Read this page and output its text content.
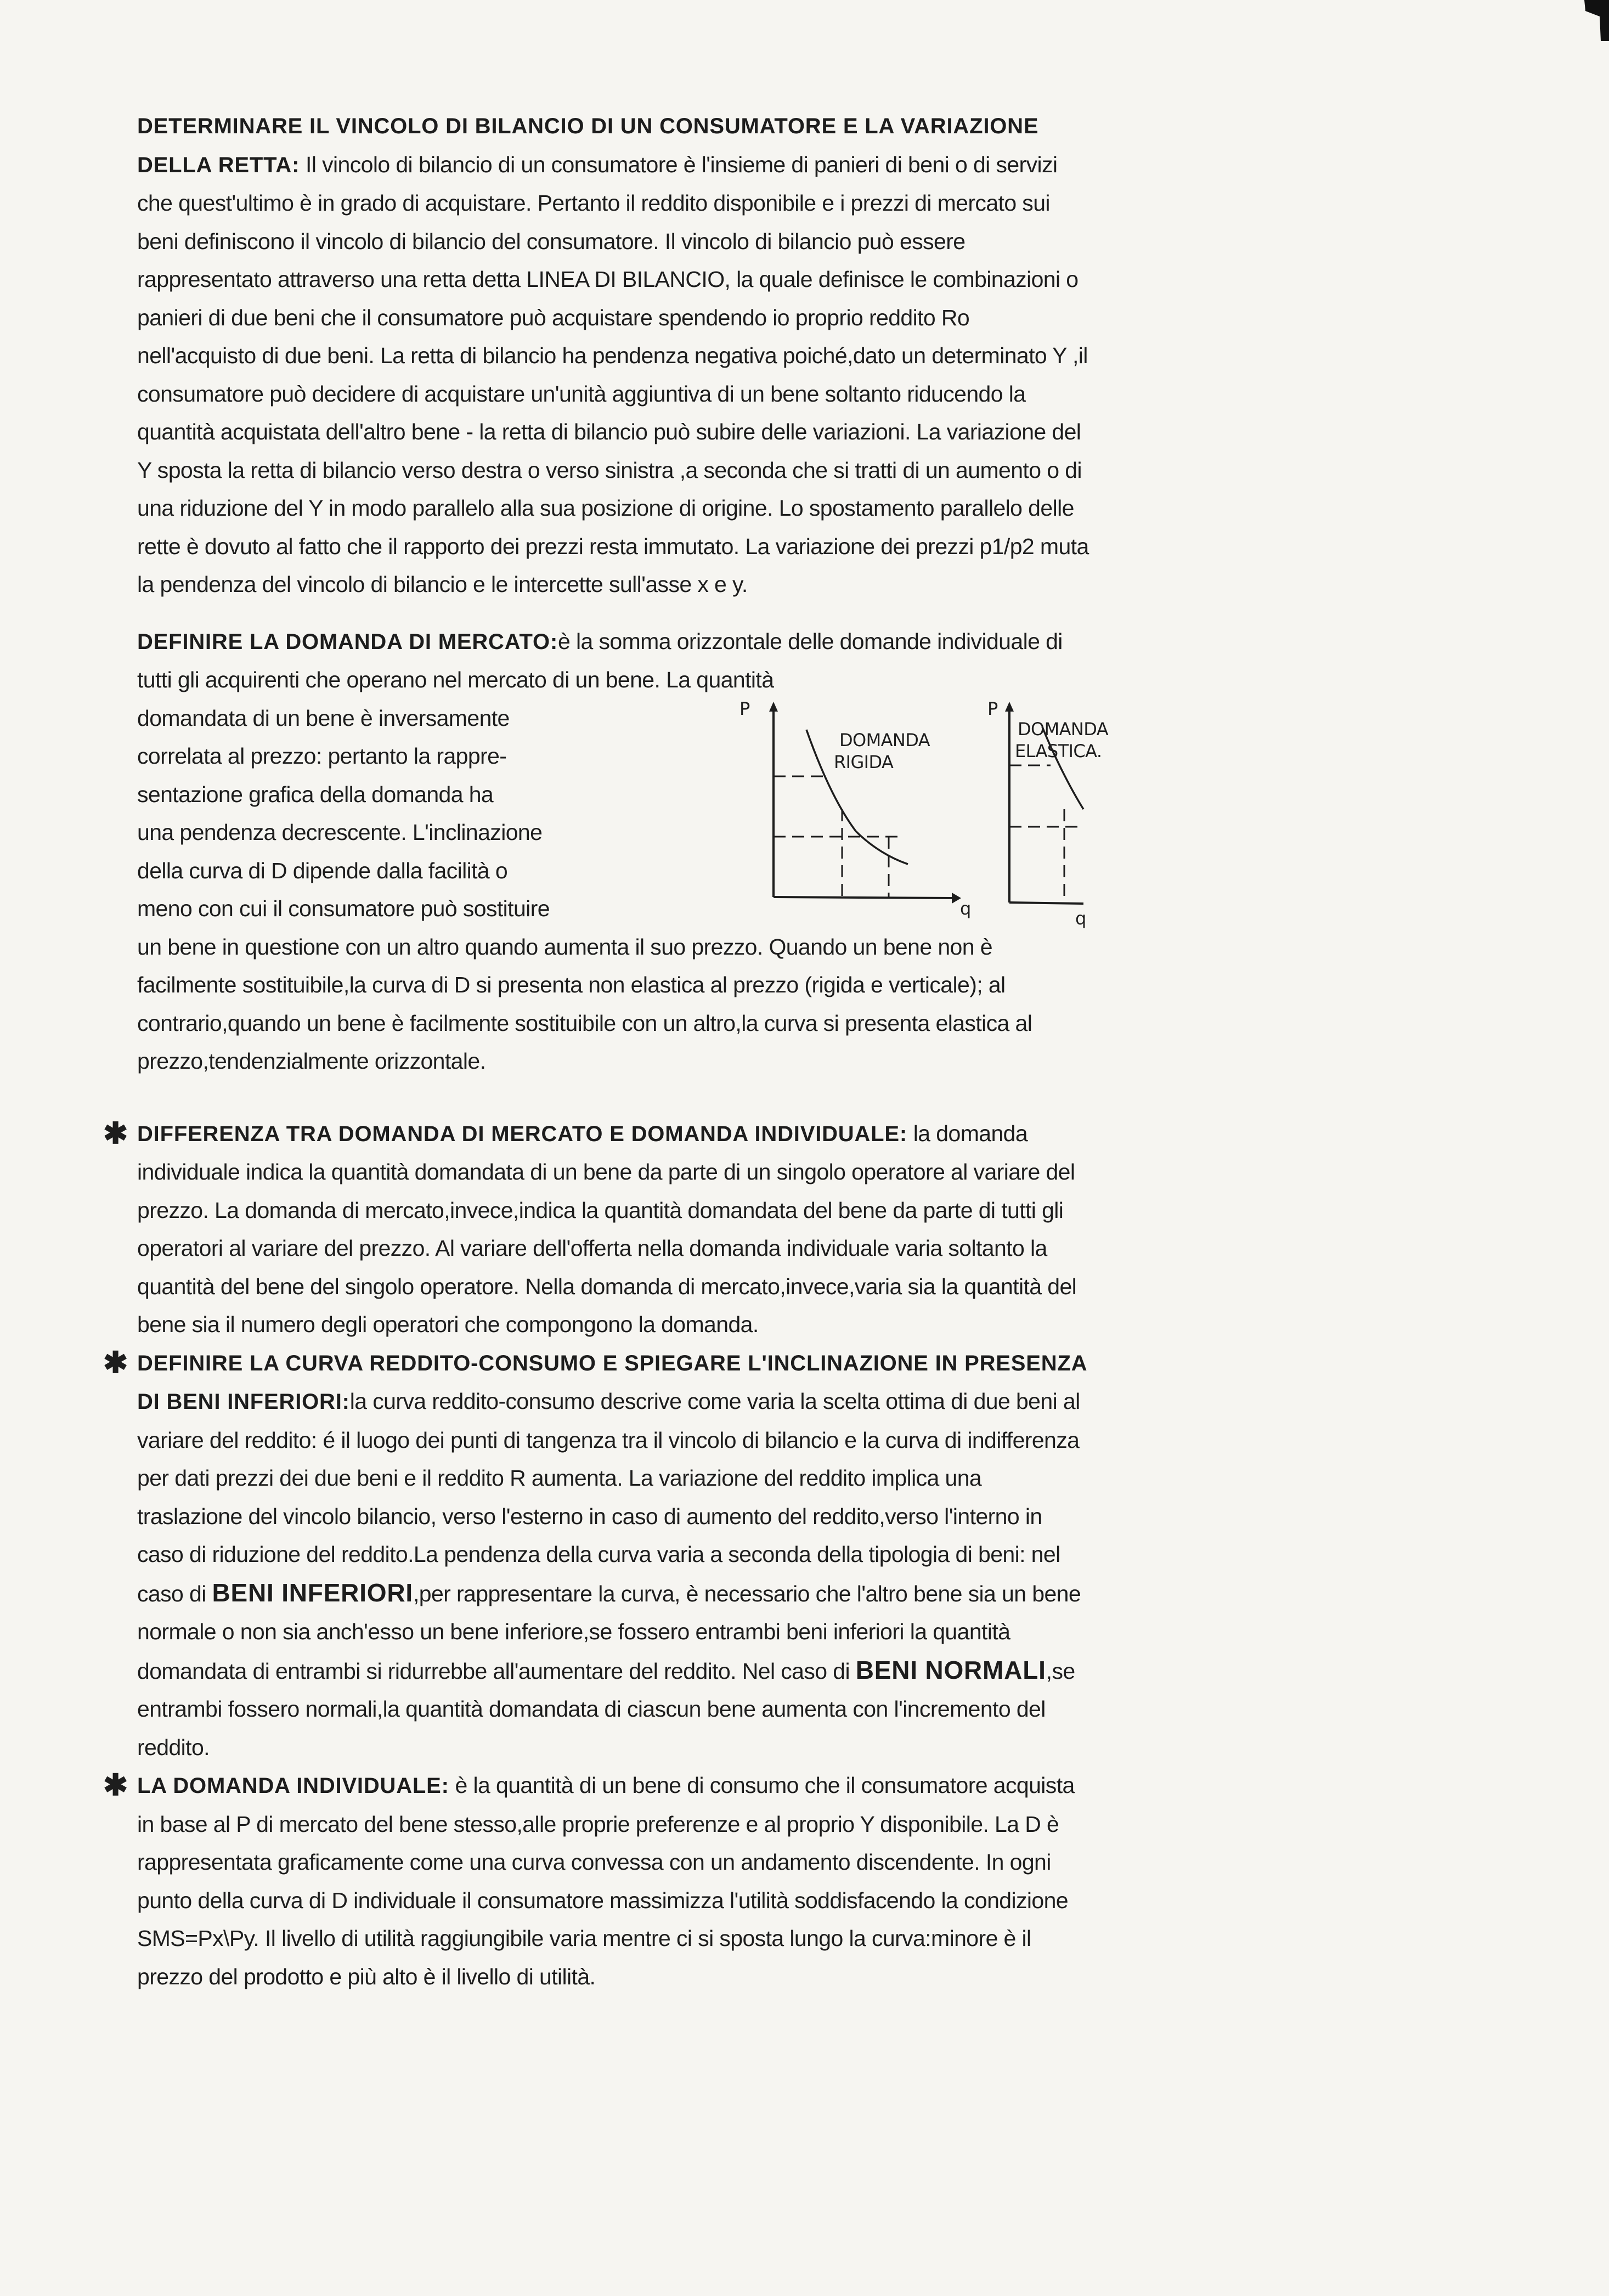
DETERMINARE IL VINCOLO DI BILANCIO DI UN CONSUMATORE E LA VARIAZIONE DELLA RETTA: Il vincolo di bilancio di un consumatore è l'insieme di panieri di beni o di servizi che quest'ultimo è in grado di acquistare. Pertanto il reddito disponibile e i prezzi di mercato sui beni definiscono il vincolo di bilancio del consumatore. Il vincolo di bilancio può essere rappresentato attraverso una retta detta LINEA DI BILANCIO, la quale definisce le combinazioni o panieri di due beni che il consumatore può acquistare spendendo io proprio reddito Ro nell'acquisto di due beni. La retta di bilancio ha pendenza negativa poiché,dato un determinato Y ,il consumatore può decidere di acquistare un'unità aggiuntiva di un bene soltanto riducendo la quantità acquistata dell'altro bene - la retta di bilancio può subire delle variazioni. La variazione del Y sposta la retta di bilancio verso destra o verso sinistra ,a seconda che si tratti di un aumento o di una riduzione del Y in modo parallelo alla sua posizione di origine. Lo spostamento parallelo delle rette è dovuto al fatto che il rapporto dei prezzi resta immutato. La variazione dei prezzi p1/p2 muta la pendenza del vincolo di bilancio e le intercette sull'asse x e y.
DEFINIRE LA DOMANDA DI MERCATO:è la somma orizzontale delle domande individuale di tutti gli acquirenti che operano nel mercato di un bene. La quantità
domandata di un bene è inversamente
correlata al prezzo: pertanto la rappre-
sentazione grafica della domanda ha
una pendenza decrescente. L'inclinazione
della curva di D dipende dalla facilità o
meno con cui il consumatore può sostituire
P
q
DOMANDA
RIGIDA
P
q
DOMANDA
ELASTICA.
un bene in questione con un altro quando aumenta il suo prezzo. Quando un bene non è facilmente sostituibile,la curva di D si presenta non elastica al prezzo (rigida e verticale); al contrario,quando un bene è facilmente sostituibile con un altro,la curva si presenta elastica al prezzo,tendenzialmente orizzontale.
✱ DIFFERENZA TRA DOMANDA DI MERCATO E DOMANDA INDIVIDUALE: la domanda individuale indica la quantità domandata di un bene da parte di un singolo operatore al variare del prezzo. La domanda di mercato,invece,indica la quantità domandata del bene da parte di tutti gli operatori al variare del prezzo. Al variare dell'offerta nella domanda individuale varia soltanto la quantità del bene del singolo operatore. Nella domanda di mercato,invece,varia sia la quantità del bene sia il numero degli operatori che compongono la domanda.
✱ DEFINIRE LA CURVA REDDITO-CONSUMO E SPIEGARE L'INCLINAZIONE IN PRESENZA DI BENI INFERIORI:la curva reddito-consumo descrive come varia la scelta ottima di due beni al variare del reddito: é il luogo dei punti di tangenza tra il vincolo di bilancio e la curva di indifferenza per dati prezzi dei due beni e il reddito R aumenta. La variazione del reddito implica una traslazione del vincolo bilancio, verso l'esterno in caso di aumento del reddito,verso l'interno in caso di riduzione del reddito.La pendenza della curva varia a seconda della tipologia di beni: nel caso di BENI INFERIORI,per rappresentare la curva, è necessario che l'altro bene sia un bene normale o non sia anch'esso un bene inferiore,se fossero entrambi beni inferiori la quantità domandata di entrambi si ridurrebbe all'aumentare del reddito. Nel caso di BENI NORMALI,se entrambi fossero normali,la quantità domandata di ciascun bene aumenta con l'incremento del reddito.
✱ LA DOMANDA INDIVIDUALE: è la quantità di un bene di consumo che il consumatore acquista in base al P di mercato del bene stesso,alle proprie preferenze e al proprio Y disponibile. La D è rappresentata graficamente come una curva convessa con un andamento discendente. In ogni punto della curva di D individuale il consumatore massimizza l'utilità soddisfacendo la condizione SMS=Px\Py. Il livello di utilità raggiungibile varia mentre ci si sposta lungo la curva:minore è il prezzo del prodotto e più alto è il livello di utilità.
